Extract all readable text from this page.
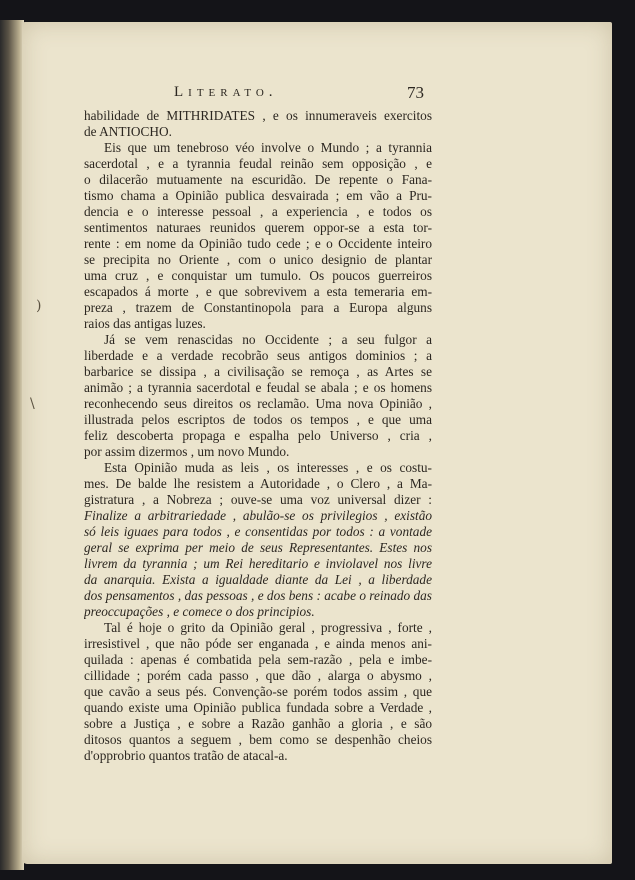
Literato.	73
habilidade de MITHRIDATES , e os innumeraveis exercitos
de ANTIOCHO.
Eis que um tenebroso véo involve o Mundo ; a tyrannia
sacerdotal , e a tyrannia feudal reinão sem opposição , e
o dilacerão mutuamente na escuridão. De repente o Fana-
tismo chama a Opinião publica desvairada ; em vão a Pru-
dencia e o interesse pessoal , a experiencia , e todos os
sentimentos naturaes reunidos querem oppor-se a esta tor-
rente : em nome da Opinião tudo cede ; e o Occidente inteiro
se precipita no Oriente , com o unico designio de plantar
uma cruz , e conquistar um tumulo. Os poucos guerreiros
escapados á morte , e que sobrevivem a esta temeraria em-
preza , trazem de Constantinopola para a Europa alguns
raios das antigas luzes.
Já se vem renascidas no Occidente ; a seu fulgor a
liberdade e a verdade recobrão seus antigos dominios ; a
barbarice se dissipa , a civilisação se remoça , as Artes se
animão ; a tyrannia sacerdotal e feudal se abala ; e os homens
reconhecendo seus direitos os reclamão. Uma nova Opinião ,
illustrada pelos escriptos de todos os tempos , e que uma
feliz descoberta propaga e espalha pelo Universo , cria ,
por assim dizermos , um novo Mundo.
Esta Opinião muda as leis , os interesses , e os costu-
mes. De balde lhe resistem a Autoridade , o Clero , a Ma-
gistratura , a Nobreza ; ouve-se uma voz universal dizer :
Finalize a arbitrariedade , abulão-se os privilegios , existão
só leis iguaes para todos , e consentidas por todos : a vontade
geral se exprima per meio de seus Representantes. Estes nos
livrem da tyrannia ; um Rei hereditario e inviolavel nos livre
da anarquia. Exista a igualdade diante da Lei , a liberdade
dos pensamentos , das pessoas , e dos bens : acabe o reinado das
preoccupações , e comece o dos principios.
Tal é hoje o grito da Opinião geral , progressiva , forte ,
irresistivel , que não póde ser enganada , e ainda menos ani-
quilada : apenas é combatida pela sem-razão , pela e imbe-
cillidade ; porém cada passo , que dão , alarga o abysmo ,
que cavão a seus pés. Convenção-se porém todos assim , que
quando existe uma Opinião publica fundada sobre a Verdade ,
sobre a Justiça , e sobre a Razão ganhão a gloria , e são
ditosos quantos a seguem , bem como se despenhão cheios
d'opprobrio quantos tratão de atacal-a.
)
\
